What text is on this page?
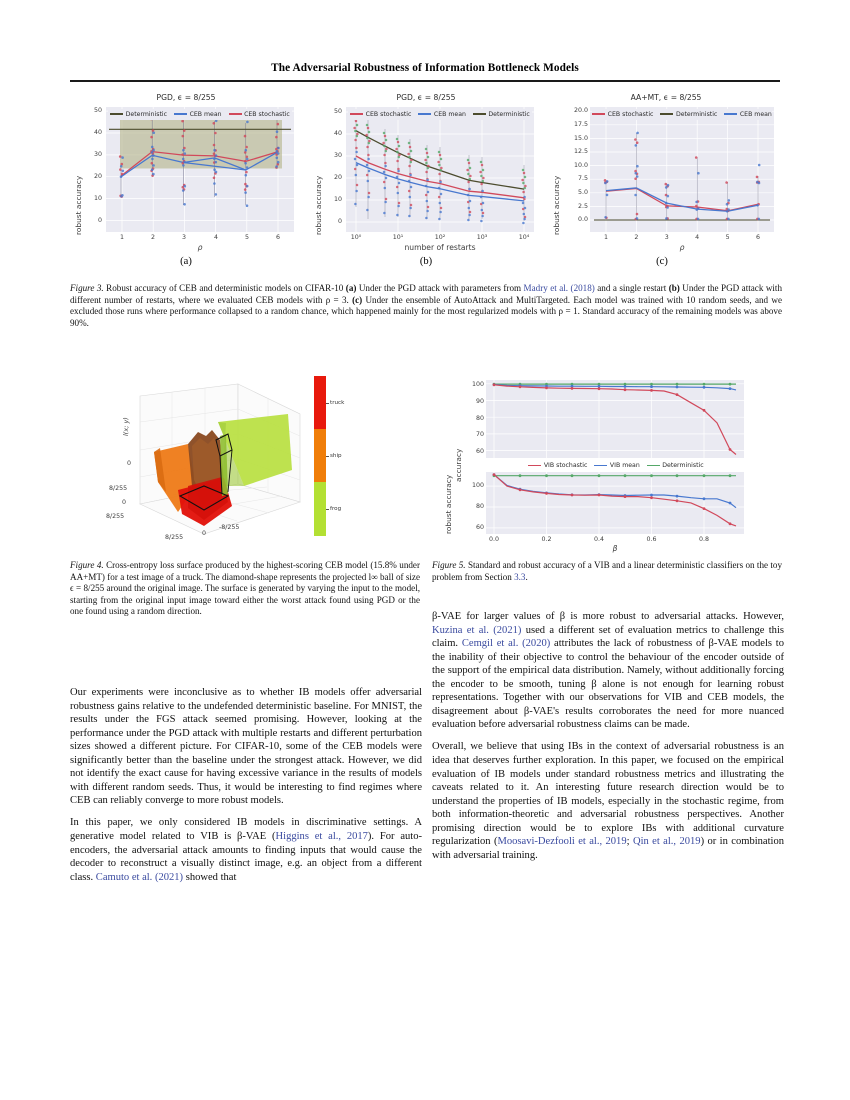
The Adversarial Robustness of Information Bottleneck Models
PGD, ϵ = 8/255
robust accuracy
Deterministic	CEB mean	CEB stochastic
0
10
20
30
40
50
1	2	3	4	5	6
ρ
(a)
PGD, ϵ = 8/255
robust accuracy
CEB stochastic	CEB mean	Deterministic
0
10
20
30
40
50
10⁰	10¹	10²	10³	10⁴
number of restarts
(b)
AA+MT, ϵ = 8/255
robust accuracy
CEB stochastic	Deterministic	CEB mean
0.0
2.5
5.0
7.5
10.0
12.5
15.0
17.5
20.0
1	2	3	4	5	6
ρ
(c)
Figure 3. Robust accuracy of CEB and deterministic models on CIFAR-10 (a) Under the PGD attack with parameters from Madry et al. (2018) and a single restart (b) Under the PGD attack with different number of restarts, where we evaluated CEB models with ρ = 3. (c) Under the ensemble of AutoAttack and MultiTargeted. Each model was trained with 10 random seeds, and we excluded those runs where performance collapsed to a random chance, which happened mainly for the most regularized models with ρ = 1. Standard accuracy of the remaining models was above 90%.
l(x; y)
0
8/255
0
8/255
8/255
0
-8/255
truck
ship
frog
accuracy	60
70
80
90
100
VIB stochastic	VIB mean	Deterministic
robust accuracy	60
80
100
0.0	0.2	0.4	0.6	0.8
β
Figure 4. Cross-entropy loss surface produced by the highest-scoring CEB model (15.8% under AA+MT) for a test image of a truck. The diamond-shape represents the projected l∞ ball of size ϵ = 8/255 around the original image. The surface is generated by varying the input to the model, starting from the original input image toward either the worst attack found using PGD or the one found using a random direction.
Figure 5. Standard and robust accuracy of a VIB and a linear deterministic classifiers on the toy problem from Section 3.3.

Our experiments were inconclusive as to whether IB models offer adversarial robustness gains relative to the undefended deterministic baseline. For MNIST, the results under the FGS attack seemed promising. However, looking at the performance under the PGD attack with multiple restarts and different perturbation sizes showed a different picture. For CIFAR-10, some of the CEB models were significantly better than the baseline under the strongest attack. However, we did not identify the exact cause for having excessive variance in the results of models with different random seeds. Thus, it would be interesting to find regimes where CEB can reliably converge to more robust models.

In this paper, we only considered IB models in discriminative settings. A generative model related to VIB is β-VAE (Higgins et al., 2017). For auto-encoders, the adversarial attack amounts to finding inputs that would cause the decoder to reconstruct a visually distinct image, e.g. an object from a different class. Camuto et al. (2021) showed that

β-VAE for larger values of β is more robust to adversarial attacks. However, Kuzina et al. (2021) used a different set of evaluation metrics to challenge this claim. Cemgil et al. (2020) attributes the lack of robustness of β-VAE models to the inability of their objective to control the behaviour of the encoder outside of the support of the empirical data distribution. Namely, without additionally forcing the encoder to be smooth, tuning β alone is not enough for learning robust representations. Together with our observations for VIB and CEB models, the disagreement about β-VAE's results corroborates the need for more nuanced evaluation before adversarial robustness claims can be made.

Overall, we believe that using IBs in the context of adversarial robustness is an idea that deserves further exploration. In this paper, we focused on the empirical evaluation of IB models under standard robustness metrics and illustrating the caveats related to it. An interesting future research direction would be to understand the properties of IB models, especially in the stochastic regime, from both information-theoretic and adversarial robustness perspectives. Another promising direction would be to explore IBs with additional curvature regularization (Moosavi-Dezfooli et al., 2019; Qin et al., 2019) or in combination with adversarial training.
